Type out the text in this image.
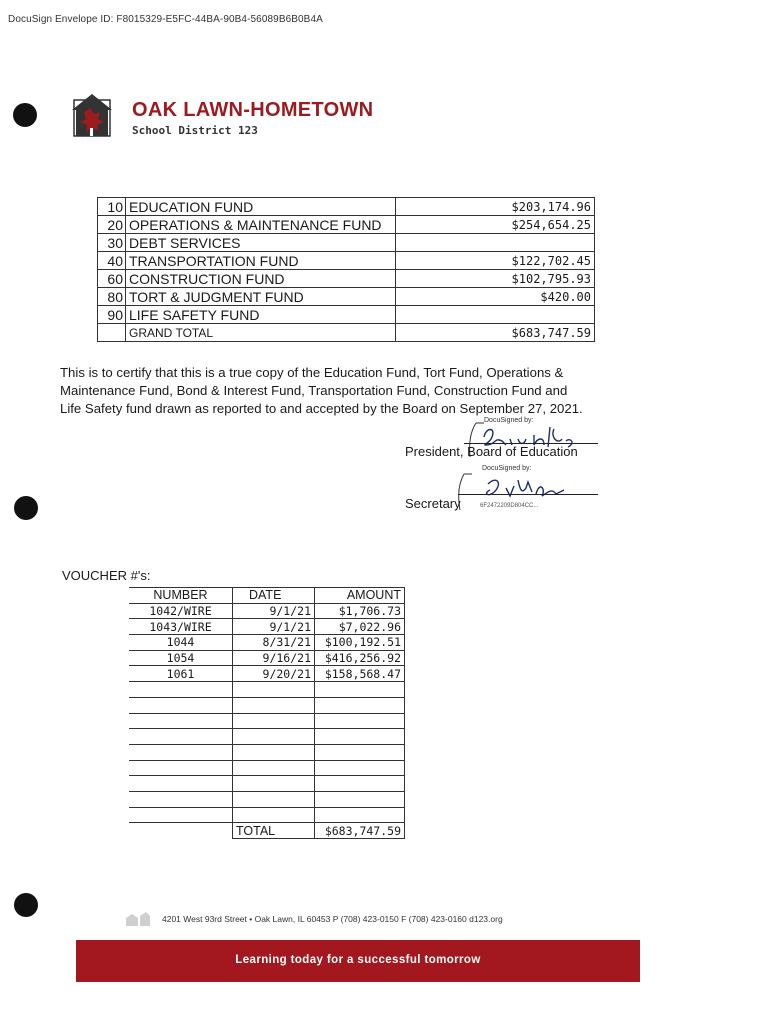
DocuSign Envelope ID: F8015329-E5FC-44BA-90B4-56089B6B0B4A
OAK LAWN-HOMETOWN
School District 123
10	EDUCATION FUND	$203,174.96
20	OPERATIONS & MAINTENANCE FUND	$254,654.25
30	DEBT SERVICES	
40	TRANSPORTATION FUND	$122,702.45
60	CONSTRUCTION FUND	$102,795.93
80	TORT & JUDGMENT FUND	$420.00
90	LIFE SAFETY FUND	
	GRAND TOTAL	$683,747.59
This is to certify that this is a true copy of the Education Fund, Tort Fund, Operations &
Maintenance Fund, Bond & Interest Fund, Transportation Fund, Construction Fund and
Life Safety fund drawn as reported to and accepted by the Board on September 27, 2021.
DocuSigned by:
President, Board of Education
DocuSigned by:
Secretary	6F2472209D804CC...
VOUCHER #'s:
NUMBER	DATE	AMOUNT
1042/WIRE	9/1/21	$1,706.73
1043/WIRE	9/1/21	$7,022.96
1044	8/31/21	$100,192.51
1054	9/16/21	$416,256.92
1061	9/20/21	$158,568.47

	TOTAL	$683,747.59
4201 West 93rd Street • Oak Lawn, IL 60453 P (708) 423-0150 F (708) 423-0160 d123.org
Learning today for a successful tomorrow
